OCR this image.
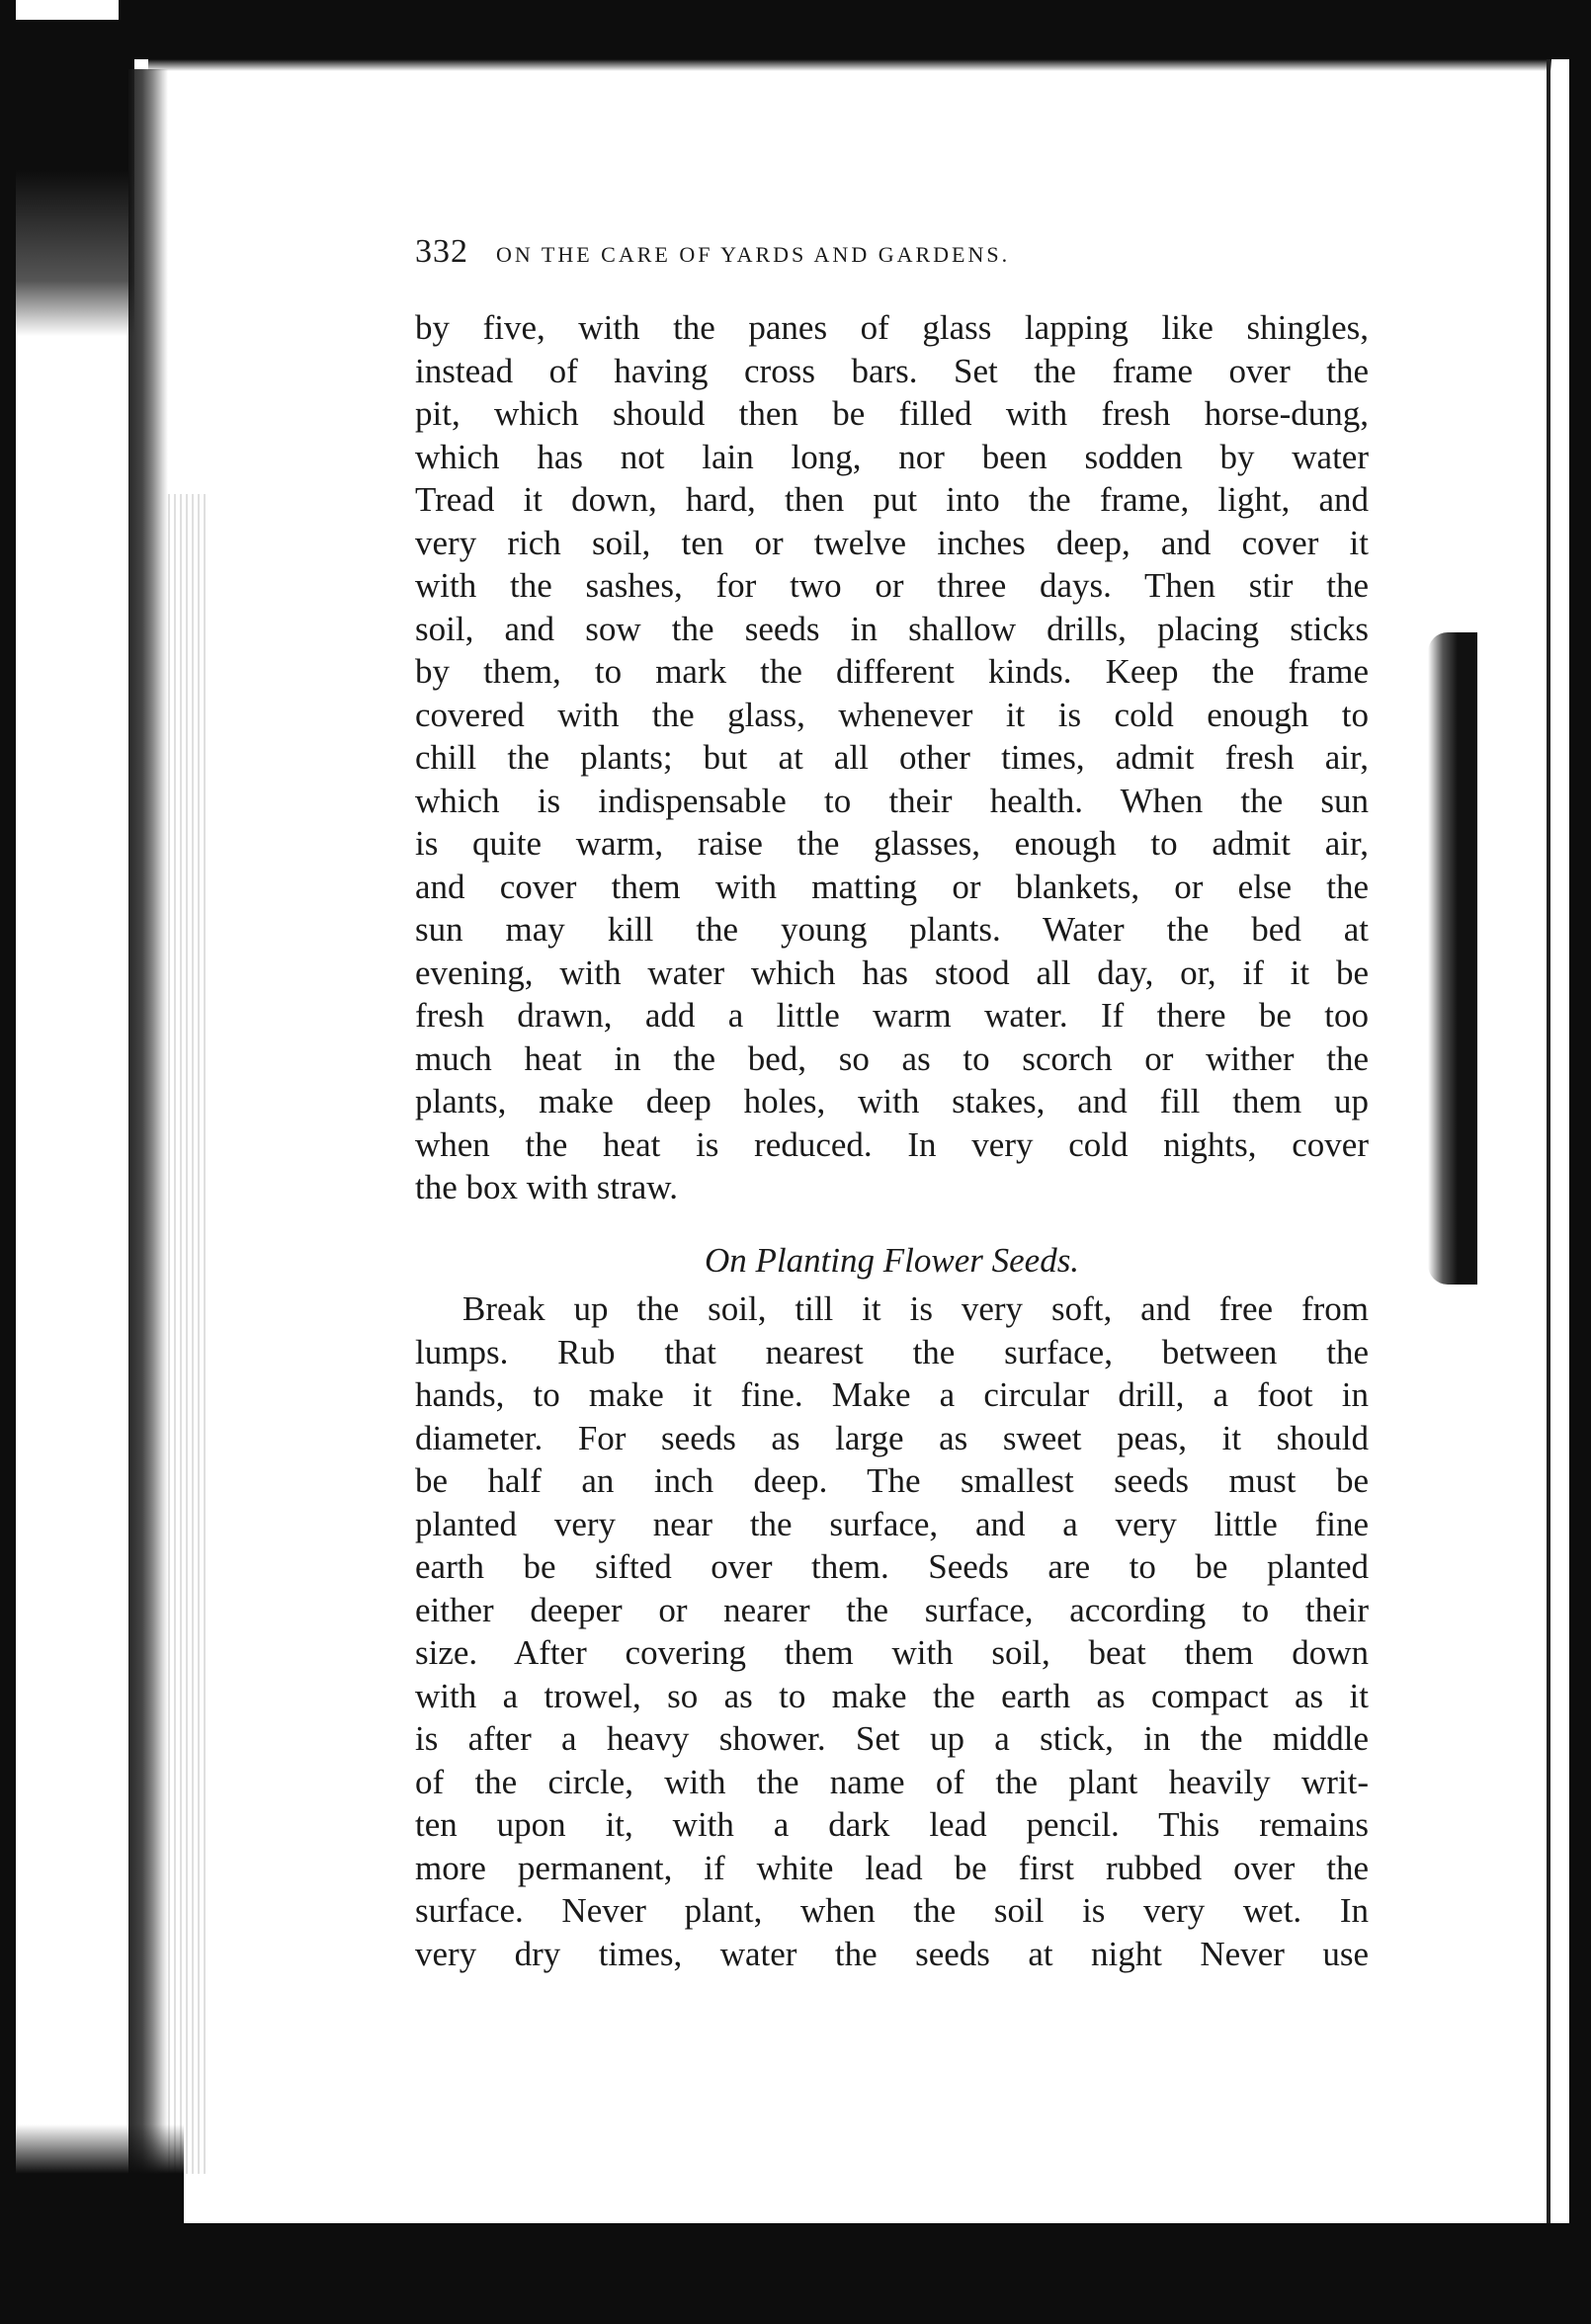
332 ON THE CARE OF YARDS AND GARDENS.
by five, with the panes of glass lapping like shingles,
instead of having cross bars. Set the frame over the
pit, which should then be filled with fresh horse-dung,
which has not lain long, nor been sodden by water
Tread it down, hard, then put into the frame, light, and
very rich soil, ten or twelve inches deep, and cover it
with the sashes, for two or three days. Then stir the
soil, and sow the seeds in shallow drills, placing sticks
by them, to mark the different kinds. Keep the frame
covered with the glass, whenever it is cold enough to
chill the plants; but at all other times, admit fresh air,
which is indispensable to their health. When the sun
is quite warm, raise the glasses, enough to admit air,
and cover them with matting or blankets, or else the
sun may kill the young plants. Water the bed at
evening, with water which has stood all day, or, if it be
fresh drawn, add a little warm water. If there be too
much heat in the bed, so as to scorch or wither the
plants, make deep holes, with stakes, and fill them up
when the heat is reduced. In very cold nights, cover
the box with straw.
On Planting Flower Seeds.
Break up the soil, till it is very soft, and free from
lumps. Rub that nearest the surface, between the
hands, to make it fine. Make a circular drill, a foot in
diameter. For seeds as large as sweet peas, it should
be half an inch deep. The smallest seeds must be
planted very near the surface, and a very little fine
earth be sifted over them. Seeds are to be planted
either deeper or nearer the surface, according to their
size. After covering them with soil, beat them down
with a trowel, so as to make the earth as compact as it
is after a heavy shower. Set up a stick, in the middle
of the circle, with the name of the plant heavily writ-
ten upon it, with a dark lead pencil. This remains
more permanent, if white lead be first rubbed over the
surface. Never plant, when the soil is very wet. In
very dry times, water the seeds at night Never use
